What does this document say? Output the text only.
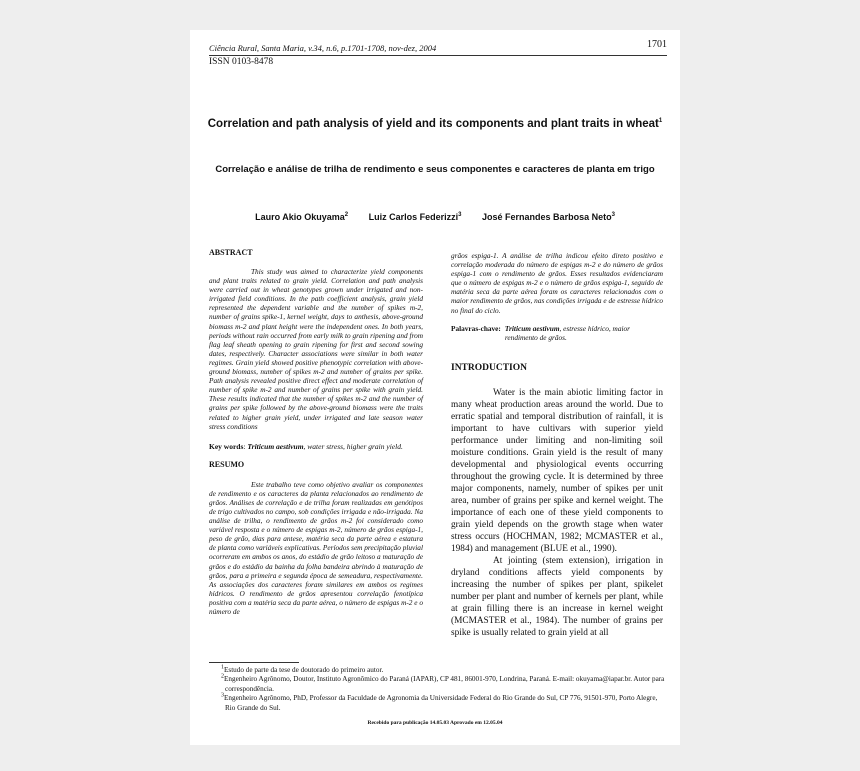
Ciência Rural, Santa Maria, v.34, n.6, p.1701-1708, nov-dez, 2004	1701
ISSN 0103-8478
Correlation and path analysis of yield and its components and plant traits in wheat$^1$
Correlação e análise de trilha de rendimento e seus componentes e caracteres de planta em trigo
Lauro Akio Okuyama$^2$ Luiz Carlos Federizzi$^3$ José Fernandes Barbosa Neto$^3$
ABSTRACT
This study was aimed to characterize yield components and plant traits related to grain yield. Correlation and path analysis were carried out in wheat genotypes grown under irrigated and non-irrigated field conditions. In the path coefficient analysis, grain yield represented the dependent variable and the number of spikes m-2, number of grains spike-1, kernel weight, days to anthesis, above-ground biomass m-2 and plant height were the independent ones. In both years, periods without rain occurred from early milk to grain ripening and from flag leaf sheath opening to grain ripening for first and second sowing dates, respectively. Character associations were similar in both water regimes. Grain yield showed positive phenotypic correlation with above-ground biomass, number of spikes m-2 and number of grains per spike. Path analysis revealed positive direct effect and moderate correlation of number of spike m-2 and number of grains per spike with grain yield. These results indicated that the number of spikes m-2 and the number of grains per spike followed by the above-ground biomass were the traits related to higher grain yield, under irrigated and late season water stress conditions
Key words: Triticum aestivum, water stress, higher grain yield.
RESUMO
Este trabalho teve como objetivo avaliar os componentes de rendimento e os caracteres da planta relacionados ao rendimento de grãos. Análises de correlação e de trilha foram realizadas em genótipos de trigo cultivados no campo, sob condições irrigada e não-irrigada. Na análise de trilha, o rendimento de grãos m-2 foi considerado como variável resposta e o número de espigas m-2, número de grãos espiga-1, peso de grão, dias para antese, matéria seca da parte aérea e estatura de planta como variáveis explicativas. Períodos sem precipitação pluvial ocorreram em ambos os anos, do estádio de grão leitoso a maturação de grãos e do estádio da bainha da folha bandeira abrindo à maturação de grãos, para a primeira e segunda época de semeadura, respectivamente. As associações dos caracteres foram similares em ambos os regimes hídricos. O rendimento de grãos apresentou correlação fenotípica positiva com a matéria seca da parte aérea, o número de espigas m-2 e o número de
grãos espiga-1. A análise de trilha indicou efeito direto positivo e correlação moderada do número de espigas m-2 e do número de grãos espiga-1 com o rendimento de grãos. Esses resultados evidenciaram que o número de espigas m-2 e o número de grãos espiga-1, seguido de matéria seca da parte aérea foram os caracteres relacionados com o maior rendimento de grãos, nas condições irrigada e de estresse hídrico no final do ciclo.
Palavras-chave: Triticum aestivum, estresse hídrico, maior rendimento de grãos.
INTRODUCTION

Water is the main abiotic limiting factor in many wheat production areas around the world. Due to erratic spatial and temporal distribution of rainfall, it is important to have cultivars with superior yield performance under limiting and non-limiting soil moisture conditions. Grain yield is the result of many developmental and physiological events occurring throughout the growing cycle. It is determined by three major components, namely, number of spikes per unit area, number of grains per spike and kernel weight. The importance of each one of these yield components to grain yield depends on the growth stage when water stress occurs (HOCHMAN, 1982; MCMASTER et al., 1984) and management (BLUE et al., 1990).

At jointing (stem extension), irrigation in dryland conditions affects yield components by increasing the number of spikes per plant, spikelet number per plant and number of kernels per plant, while at grain filling there is an increase in kernel weight (MCMASTER et al., 1984). The number of grains per spike is usually related to grain yield at all

$^1$Estudo de parte da tese de doutorado do primeiro autor.
$^2$Engenheiro Agrônomo, Doutor, Instituto Agronômico do Paraná (IAPAR), CP 481, 86001-970, Londrina, Paraná. E-mail: okuyama@iapar.br. Autor para correspondência.
$^3$Engenheiro Agrônomo, PhD, Professor da Faculdade de Agronomia da Universidade Federal do Rio Grande do Sul, CP 776, 91501-970, Porto Alegre, Rio Grande do Sul.
Recebido para publicação 14.05.03 Aprovado em 12.05.04
